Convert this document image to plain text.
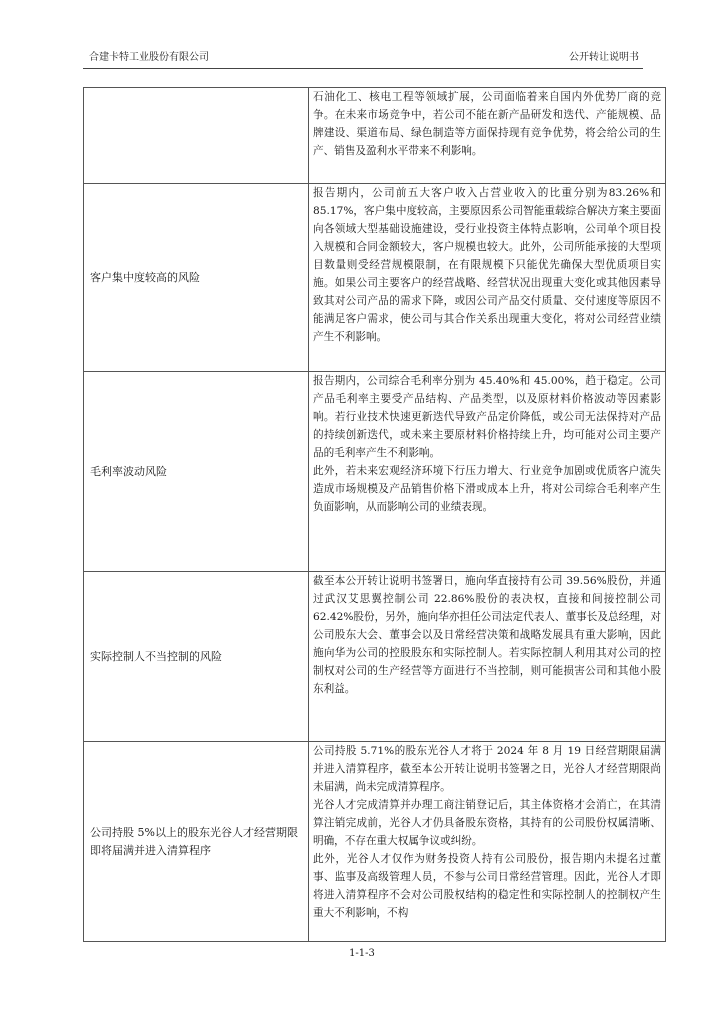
合建卡特工业股份有限公司	公开转让说明书

	石油化工、核电工程等领域扩展，公司面临着来自国内外优势厂商的竞争。在未来市场竞争中，若公司不能在新产品研发和迭代、产能规模、品牌建设、渠道布局、绿色制造等方面保持现有竞争优势，将会给公司的生产、销售及盈利水平带来不利影响。

客户集中度较高的风险	报告期内，公司前五大客户收入占营业收入的比重分别为83.26%和85.17%，客户集中度较高，主要原因系公司智能重载综合解决方案主要面向各领域大型基础设施建设，受行业投资主体特点影响，公司单个项目投入规模和合同金额较大，客户规模也较大。此外，公司所能承接的大型项目数量则受经营规模限制，在有限规模下只能优先确保大型优质项目实施。如果公司主要客户的经营战略、经营状况出现重大变化或其他因素导致其对公司产品的需求下降，或因公司产品交付质量、交付速度等原因不能满足客户需求，使公司与其合作关系出现重大变化，将对公司经营业绩产生不利影响。

毛利率波动风险	报告期内，公司综合毛利率分别为 45.40%和 45.00%，趋于稳定。公司产品毛利率主要受产品结构、产品类型，以及原材料价格波动等因素影响。若行业技术快速更新迭代导致产品定价降低，或公司无法保持对产品的持续创新迭代，或未来主要原材料价格持续上升，均可能对公司主要产品的毛利率产生不利影响。

此外，若未来宏观经济环境下行压力增大、行业竞争加剧或优质客户流失造成市场规模及产品销售价格下滑或成本上升，将对公司综合毛利率产生负面影响，从而影响公司的业绩表现。

实际控制人不当控制的风险	截至本公开转让说明书签署日，施向华直接持有公司 39.56%股份，并通过武汉艾思翼控制公司 22.86%股份的表决权，直接和间接控制公司 62.42%股份，另外，施向华亦担任公司法定代表人、董事长及总经理，对公司股东大会、董事会以及日常经营决策和战略发展具有重大影响，因此施向华为公司的控股股东和实际控制人。若实际控制人利用其对公司的控制权对公司的生产经营等方面进行不当控制，则可能损害公司和其他小股东利益。

公司持股 5%以上的股东光谷人才经营期限即将届满并进入清算程序	公司持股 5.71%的股东光谷人才将于 2024 年 8 月 19 日经营期限届满并进入清算程序，截至本公开转让说明书签署之日，光谷人才经营期限尚未届满，尚未完成清算程序。

光谷人才完成清算并办理工商注销登记后，其主体资格才会消亡，在其清算注销完成前，光谷人才仍具备股东资格，其持有的公司股份权属清晰、明确，不存在重大权属争议或纠纷。

此外，光谷人才仅作为财务投资人持有公司股份，报告期内未提名过董事、监事及高级管理人员，不参与公司日常经营管理。因此，光谷人才即将进入清算程序不会对公司股权结构的稳定性和实际控制人的控制权产生重大不利影响，不构

1-1-3
